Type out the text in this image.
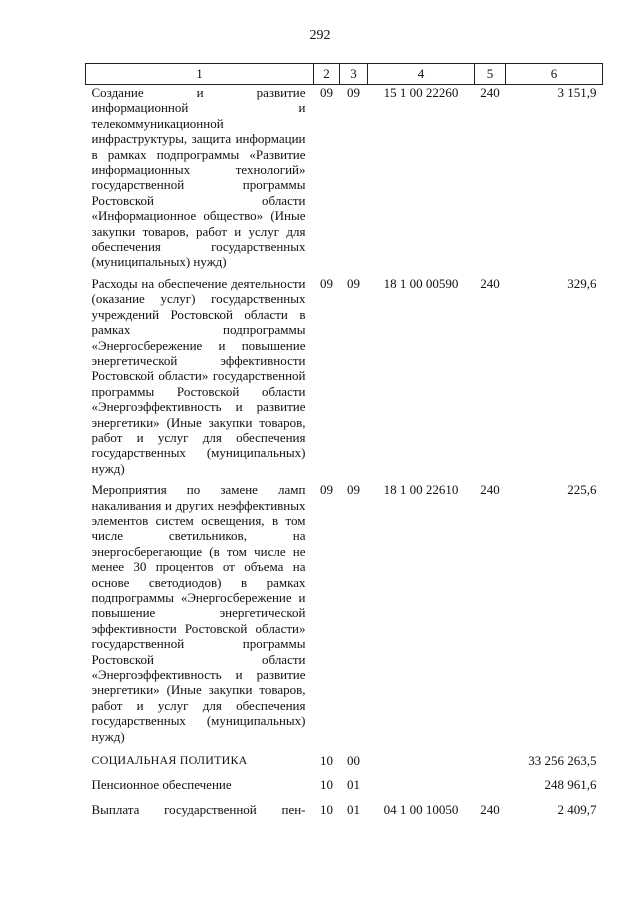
292
1	2	3	4	5	6
Создание и развитие информационной и телекоммуникационной инфраструктуры, защита информации в рамках подпрограммы «Развитие информационных технологий» государственной программы Ростовской области «Информационное общество» (Иные закупки товаров, работ и услуг для обеспечения государственных (муниципальных) нужд)	09	09	15 1 00 22260	240	3 151,9
Расходы на обеспечение деятельности (оказание услуг) государственных учреждений Ростовской области в рамках подпрограммы «Энергосбережение и повышение энергетической эффективности Ростовской области» государственной программы Ростовской области «Энергоэффективность и развитие энергетики» (Иные закупки товаров, работ и услуг для обеспечения государственных (муниципальных) нужд)	09	09	18 1 00 00590	240	329,6
Мероприятия по замене ламп накаливания и других неэффективных элементов систем освещения, в том числе светильников, на энергосберегающие (в том числе не менее 30 процентов от объема на основе светодиодов) в рамках подпрограммы «Энергосбережение и повышение энергетической эффективности Ростовской области» государственной программы Ростовской области «Энергоэффективность и развитие энергетики» (Иные закупки товаров, работ и услуг для обеспечения государственных (муниципальных) нужд)	09	09	18 1 00 22610	240	225,6
СОЦИАЛЬНАЯ ПОЛИТИКА	10	00			33 256 263,5
Пенсионное обеспечение	10	01			248 961,6
Выплата государственной пен-	10	01	04 1 00 10050	240	2 409,7
